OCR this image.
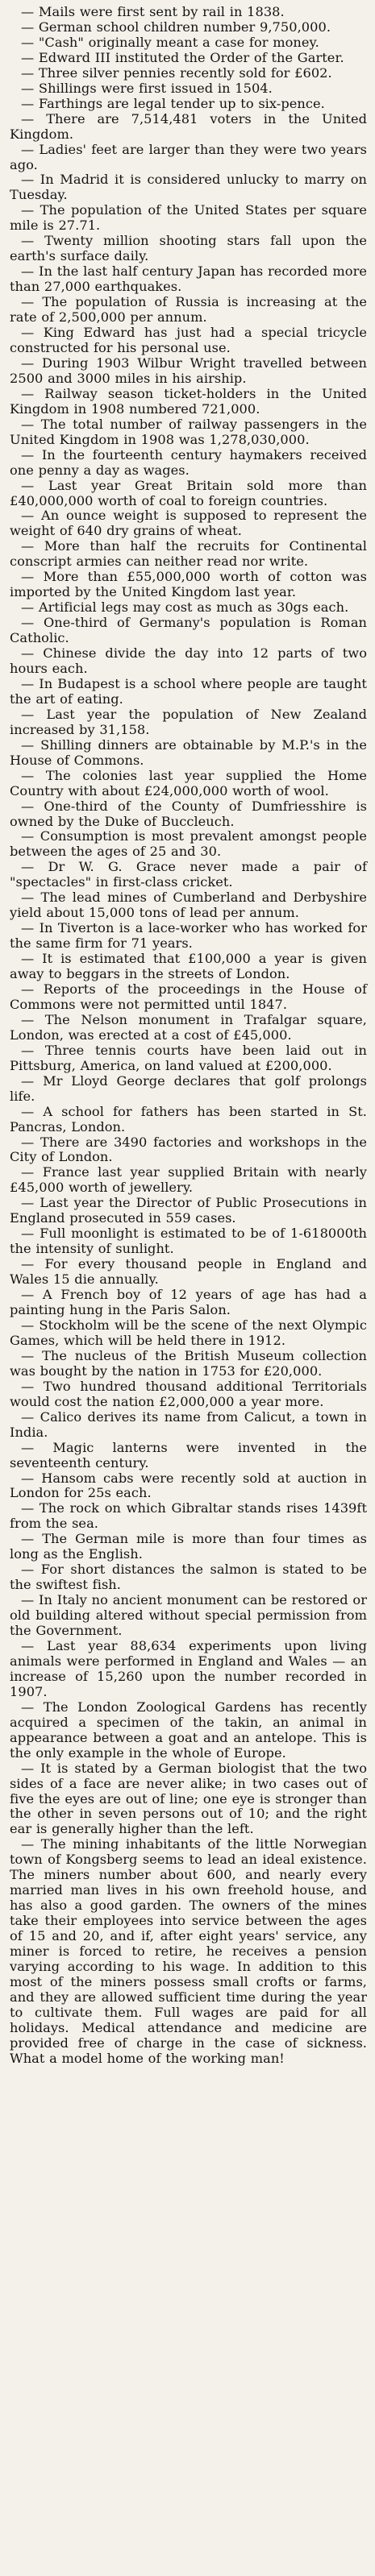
— Mails were first sent by rail in 1838.

— German school children number 9,750,000.

— "Cash" originally meant a case for money.

— Edward III instituted the Order of the Garter.

— Three silver pennies recently sold for £602.

— Shillings were first issued in 1504.

— Farthings are legal tender up to six-pence.

— There are 7,514,481 voters in the United Kingdom.

— Ladies' feet are larger than they were two years ago.

— In Madrid it is considered unlucky to marry on Tuesday.

— The population of the United States per square mile is 27.71.

— Twenty million shooting stars fall upon the earth's surface daily.

— In the last half century Japan has recorded more than 27,000 earthquakes.

— The population of Russia is increasing at the rate of 2,500,000 per annum.

— King Edward has just had a special tricycle constructed for his personal use.

— During 1903 Wilbur Wright travelled between 2500 and 3000 miles in his airship.

— Railway season ticket-holders in the United Kingdom in 1908 numbered 721,000.

— The total number of railway passengers in the United Kingdom in 1908 was 1,278,030,000.

— In the fourteenth century haymakers received one penny a day as wages.

— Last year Great Britain sold more than £40,000,000 worth of coal to foreign countries.

— An ounce weight is supposed to represent the weight of 640 dry grains of wheat.

— More than half the recruits for Continental conscript armies can neither read nor write.

— More than £55,000,000 worth of cotton was imported by the United Kingdom last year.

— Artificial legs may cost as much as 30gs each.

— One-third of Germany's population is Roman Catholic.

— Chinese divide the day into 12 parts of two hours each.

— In Budapest is a school where people are taught the art of eating.

— Last year the population of New Zealand increased by 31,158.

— Shilling dinners are obtainable by M.P.'s in the House of Commons.

— The colonies last year supplied the Home Country with about £24,000,000 worth of wool.

— One-third of the County of Dumfriesshire is owned by the Duke of Buccleuch.

— Consumption is most prevalent amongst people between the ages of 25 and 30.

— Dr W. G. Grace never made a pair of "spectacles" in first-class cricket.

— The lead mines of Cumberland and Derbyshire yield about 15,000 tons of lead per annum.

— In Tiverton is a lace-worker who has worked for the same firm for 71 years.

— It is estimated that £100,000 a year is given away to beggars in the streets of London.

— Reports of the proceedings in the House of Commons were not permitted until 1847.

— The Nelson monument in Trafalgar square, London, was erected at a cost of £45,000.

— Three tennis courts have been laid out in Pittsburg, America, on land valued at £200,000.

— Mr Lloyd George declares that golf prolongs life.

— A school for fathers has been started in St. Pancras, London.

— There are 3490 factories and workshops in the City of London.

— France last year supplied Britain with nearly £45,000 worth of jewellery.

— Last year the Director of Public Prosecutions in England prosecuted in 559 cases.

— Full moonlight is estimated to be of 1-618000th the intensity of sunlight.

— For every thousand people in England and Wales 15 die annually.

— A French boy of 12 years of age has had a painting hung in the Paris Salon.

— Stockholm will be the scene of the next Olympic Games, which will be held there in 1912.

— The nucleus of the British Museum collection was bought by the nation in 1753 for £20,000.

— Two hundred thousand additional Territorials would cost the nation £2,000,000 a year more.

— Calico derives its name from Calicut, a town in India.

— Magic lanterns were invented in the seventeenth century.

— Hansom cabs were recently sold at auction in London for 25s each.

— The rock on which Gibraltar stands rises 1439ft from the sea.

— The German mile is more than four times as long as the English.

— For short distances the salmon is stated to be the swiftest fish.

— In Italy no ancient monument can be restored or old building altered without special permission from the Government.

— Last year 88,634 experiments upon living animals were performed in England and Wales — an increase of 15,260 upon the number recorded in 1907.

— The London Zoological Gardens has recently acquired a specimen of the takin, an animal in appearance between a goat and an antelope. This is the only example in the whole of Europe.

— It is stated by a German biologist that the two sides of a face are never alike; in two cases out of five the eyes are out of line; one eye is stronger than the other in seven persons out of 10; and the right ear is generally higher than the left.

— The mining inhabitants of the little Norwegian town of Kongsberg seems to lead an ideal existence. The miners number about 600, and nearly every married man lives in his own freehold house, and has also a good garden. The owners of the mines take their employees into service between the ages of 15 and 20, and if, after eight years' service, any miner is forced to retire, he receives a pension varying according to his wage. In addition to this most of the miners possess small crofts or farms, and they are allowed sufficient time during the year to cultivate them. Full wages are paid for all holidays. Medical attendance and medicine are provided free of charge in the case of sickness. What a model home of the working man!
